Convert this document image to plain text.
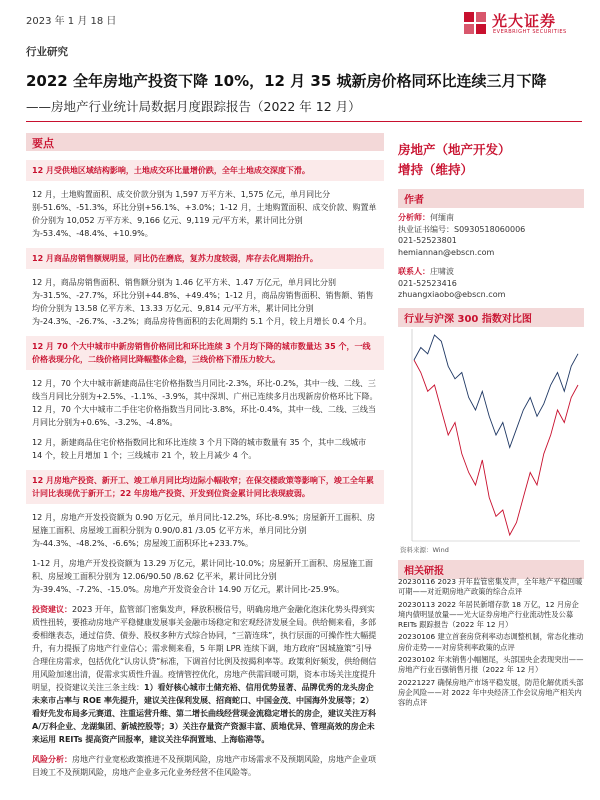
2023 年 1 月 18 日	光大证券
EVERBRIGHT SECURITIES
行业研究
2022 全年房地产投资下降 10%，12 月 35 城新房价格同环比连续三月下降
——房地产行业统计局数据月度跟踪报告（2022 年 12 月）
要点

12 月受供地区域结构影响，土地成交环比量增价跌，全年土地成交深度下滑。

12 月，土地购置面积、成交价款分别为 1,597 万平方米、1,575 亿元，单月同比分别-51.6%、-51.3%，环比分别+56.1%、+3.0%；1-12 月，土地购置面积、成交价款、购置单价分别为 10,052 万平方米、9,166 亿元、9,119 元/平方米，累计同比分别为-53.4%、-48.4%、+10.9%。

12 月商品房销售额规明显，同比仍在磨底，复苏力度较弱，库存去化周期抬升。

12 月，商品房销售面积、销售额分别为 1.46 亿平方米、1.47 万亿元，单月同比分别为-31.5%、-27.7%，环比分别+44.8%、+49.4%；1-12 月，商品房销售面积、销售额、销售均价分别为 13.58 亿平方米、13.33 万亿元、9,814 元/平方米，累计同比分别为-24.3%、-26.7%、-3.2%；商品房待售面积的去化周期约 5.1 个月，较上月增长 0.4 个月。

12 月 70 个大中城市中新房销售价格同比和环比连续 3 个月均下降的城市数量达 35 个，一线价格表现分化，二线价格同比降幅整体企稳，三线价格下滑压力较大。

12 月，70 个大中城市新建商品住宅价格指数当月同比-2.3%，环比-0.2%，其中一线、二线、三线当月同比分别为+2.5%、-1.1%、-3.9%，其中深圳、广州已连续多月出现新房价格环比下降。12 月，70 个大中城市二手住宅价格指数当月同比-3.8%，环比-0.4%，其中一线、二线、三线当月同比分别为+0.6%、-3.2%、-4.8%。

12 月，新建商品住宅价格指数同比和环比连续 3 个月下降的城市数量有 35 个，其中二线城市 14 个，较上月增加 1 个；三线城市 21 个，较上月减少 4 个。

12 月房地产投资、新开工、竣工单月同比均边际小幅收窄；在保交楼政策等影响下，竣工全年累计同比表现优于新开工；22 年房地产投资、开发到位资金累计同比表现疲弱。

12 月，房地产开发投资额为 0.90 万亿元，单月同比-12.2%，环比-8.9%；房屋新开工面积、房屋施工面积、房屋竣工面积分别为 0.90/0.81 /3.05 亿平方米，单月同比分别为-44.3%、-48.2%、-6.6%；房屋竣工面积环比+233.7%。

1-12 月，房地产开发投资额为 13.29 万亿元，累计同比-10.0%；房屋新开工面积、房屋施工面积、房屋竣工面积分别为 12.06/90.50 /8.62 亿平米，累计同比分别为-39.4%、-7.2%、-15.0%。房地产开发资金合计 14.90 万亿元，累计同比-25.9%。

投资建议：2023 开年，监管部门密集发声，释放积极信号，明确房地产金融化泡沫化势头得到实质性扭转，要推动房地产平稳健康发展事关金融市场稳定和宏观经济发展全局。供给侧来看，多部委相继表态，通过信贷、债券、股权多种方式综合协同，“三箭连珠”，执行层面的可操作性大幅提升，有力提振了房地产行业信心；需求侧来看，5 年期 LPR 连续下调，地方政府“因城施策”引导合理住房需求，包括优化“认房认贷”标准，下调首付比例及按揭利率等。政策利好频发，供给侧信用风险加速出清，促需求实质性升温。疫情管控优化，房地产供需回暖可期，资本市场关注度提升明显，投资建议关注三条主线：1）看好核心城市土储充裕、信用优势显著、品牌优秀的龙头房企未来市占率与 ROE 率先提升，建议关注保利发展、招商蛇口、中国金茂、中国海外发展等；2）看好先发布局多元赛道、注重运营升维、第二增长曲线经营现金流稳定增长的房企，建议关注万科 A/万科企业、龙湖集团、新城控股等；3）关注存量资产资源丰富、质地优异、管理高效的房企未来运用 REITs 提高资产回报率，建议关注华润置地、上海临港等。

风险分析：房地产行业宽松政策推进不及预期风险，房地产市场需求不及预期风险，房地产企业项目竣工不及预期风险，房地产企业多元化业务经营不佳风险等。

房地产（地产开发）
增持（维持）
作者
分析师：何缅南
执业证书编号：S0930518060006
021-52523801
hemiannan@ebscn.com
联系人：庄啸波
021-52523416
zhuangxiaobo@ebscn.com
行业与沪深 300 指数对比图
资料来源：Wind
相关研报
20230116 2023 开年监管密集发声，全年地产平稳回暖可期——对近期房地产政策的综合点评
20230113 2022 年居民新增存款 18 万亿，12 月房企境内债明显放量——光大证券房地产行业流动性及公募 REITs 跟踪报告（2022 年 12 月）
20230106 建立首套房贷利率动态调整机制，常态化推动房价走势——对房贷利率政策的点评
20230102 年末销售小幅翘尾，头部国央企表现突出——房地产行业百强销售月报（2022 年 12 月）
20221227 确保房地产市场平稳发展，防范化解优质头部房企风险——对 2022 年中央经济工作会议房地产相关内容的点评
